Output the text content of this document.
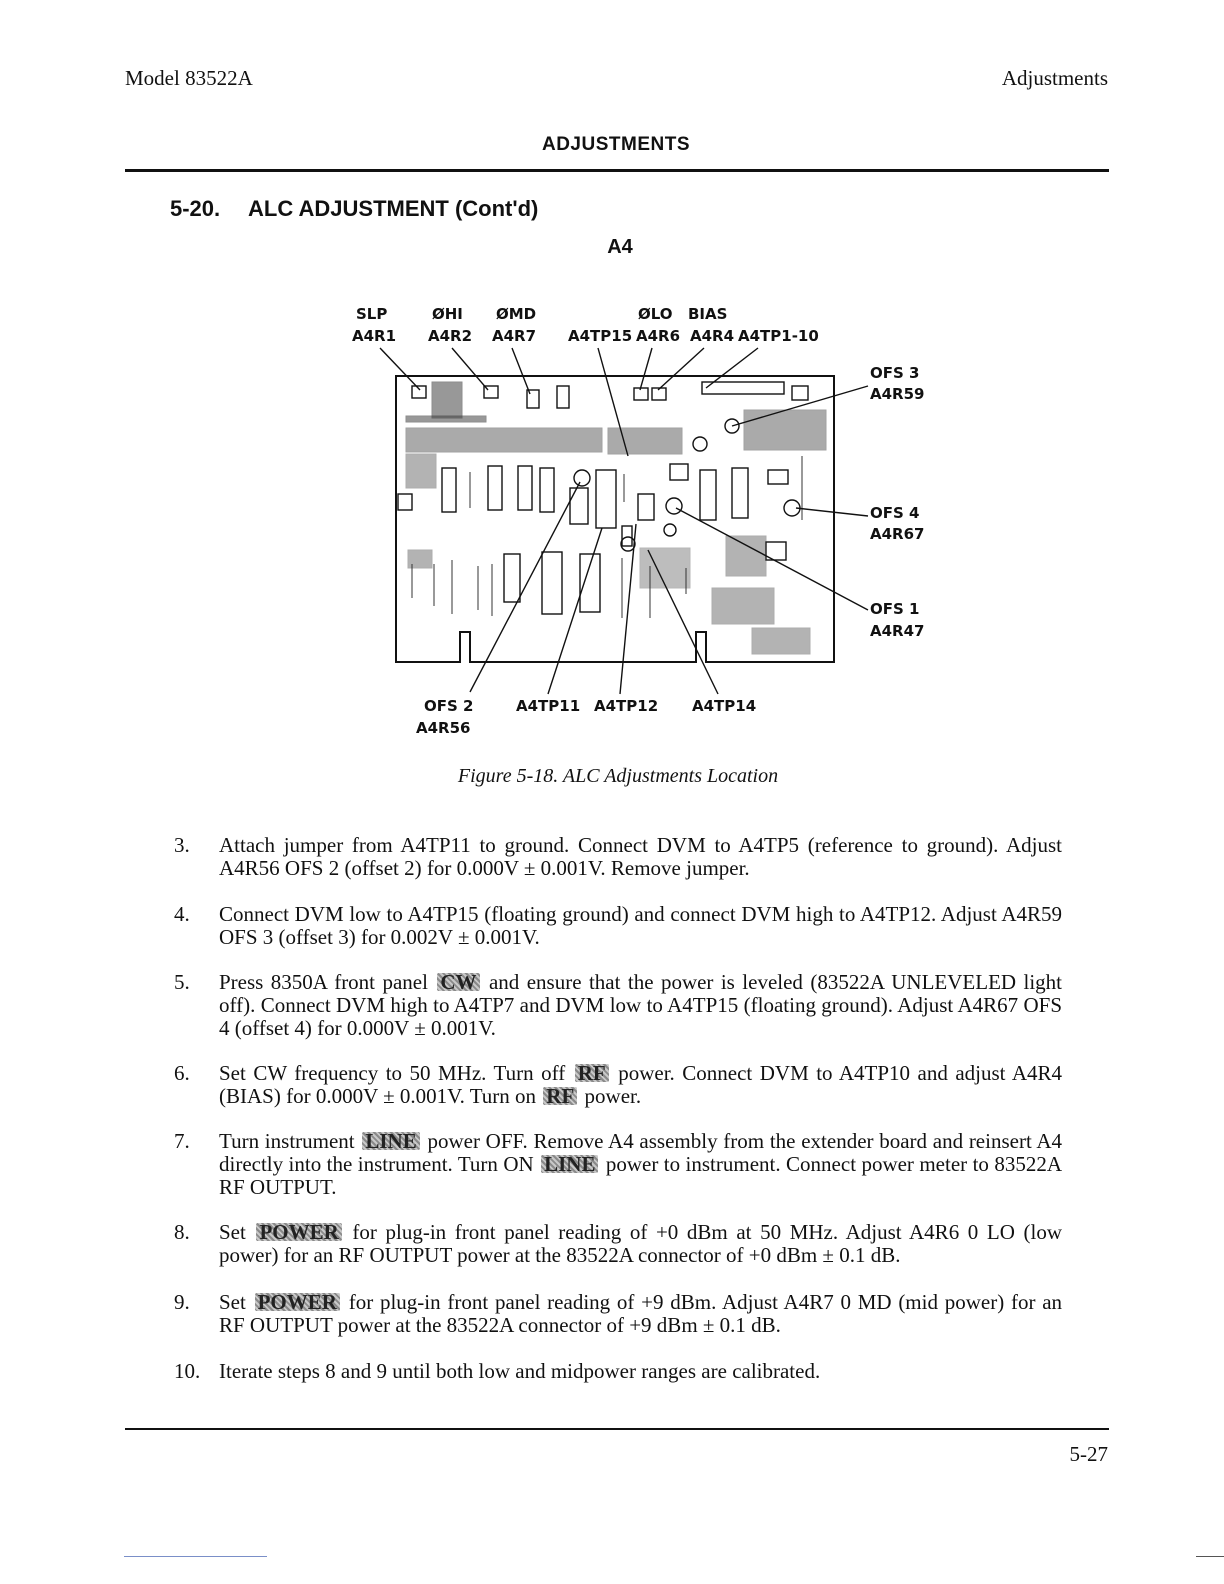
Model 83522A	Adjustments
ADJUSTMENTS
5-20. ALC ADJUSTMENT (Cont'd)
A4
SLP
A4R1
ØHI
A4R2
ØMD
A4R7 A4TP15
ØLO
A4R6
BIAS
A4R4 A4TP1-10
OFS 3
A4R59
OFS 4
A4R67
OFS 1
A4R47
OFS 2
A4R56
A4TP11 A4TP12 A4TP14
Figure 5-18. ALC Adjustments Location
3.	Attach jumper from A4TP11 to ground. Connect DVM to A4TP5 (reference to ground). Adjust A4R56 OFS 2 (offset 2) for 0.000V ± 0.001V. Remove jumper.
4.	Connect DVM low to A4TP15 (floating ground) and connect DVM high to A4TP12. Adjust A4R59 OFS 3 (offset 3) for 0.002V ± 0.001V.
5.	Press 8350A front panel CW and ensure that the power is leveled (83522A UNLEVELED light off). Connect DVM high to A4TP7 and DVM low to A4TP15 (floating ground). Adjust A4R67 OFS 4 (offset 4) for 0.000V ± 0.001V.
6.	Set CW frequency to 50 MHz. Turn off RF power. Connect DVM to A4TP10 and adjust A4R4 (BIAS) for 0.000V ± 0.001V. Turn on RF power.
7.	Turn instrument LINE power OFF. Remove A4 assembly from the extender board and reinsert A4 directly into the instrument. Turn ON LINE power to instrument. Connect power meter to 83522A RF OUTPUT.
8.	Set POWER for plug-in front panel reading of +0 dBm at 50 MHz. Adjust A4R6 0 LO (low power) for an RF OUTPUT power at the 83522A connector of +0 dBm ± 0.1 dB.
9.	Set POWER for plug-in front panel reading of +9 dBm. Adjust A4R7 0 MD (mid power) for an RF OUTPUT power at the 83522A connector of +9 dBm ± 0.1 dB.
10. Iterate steps 8 and 9 until both low and midpower ranges are calibrated.
5-27
